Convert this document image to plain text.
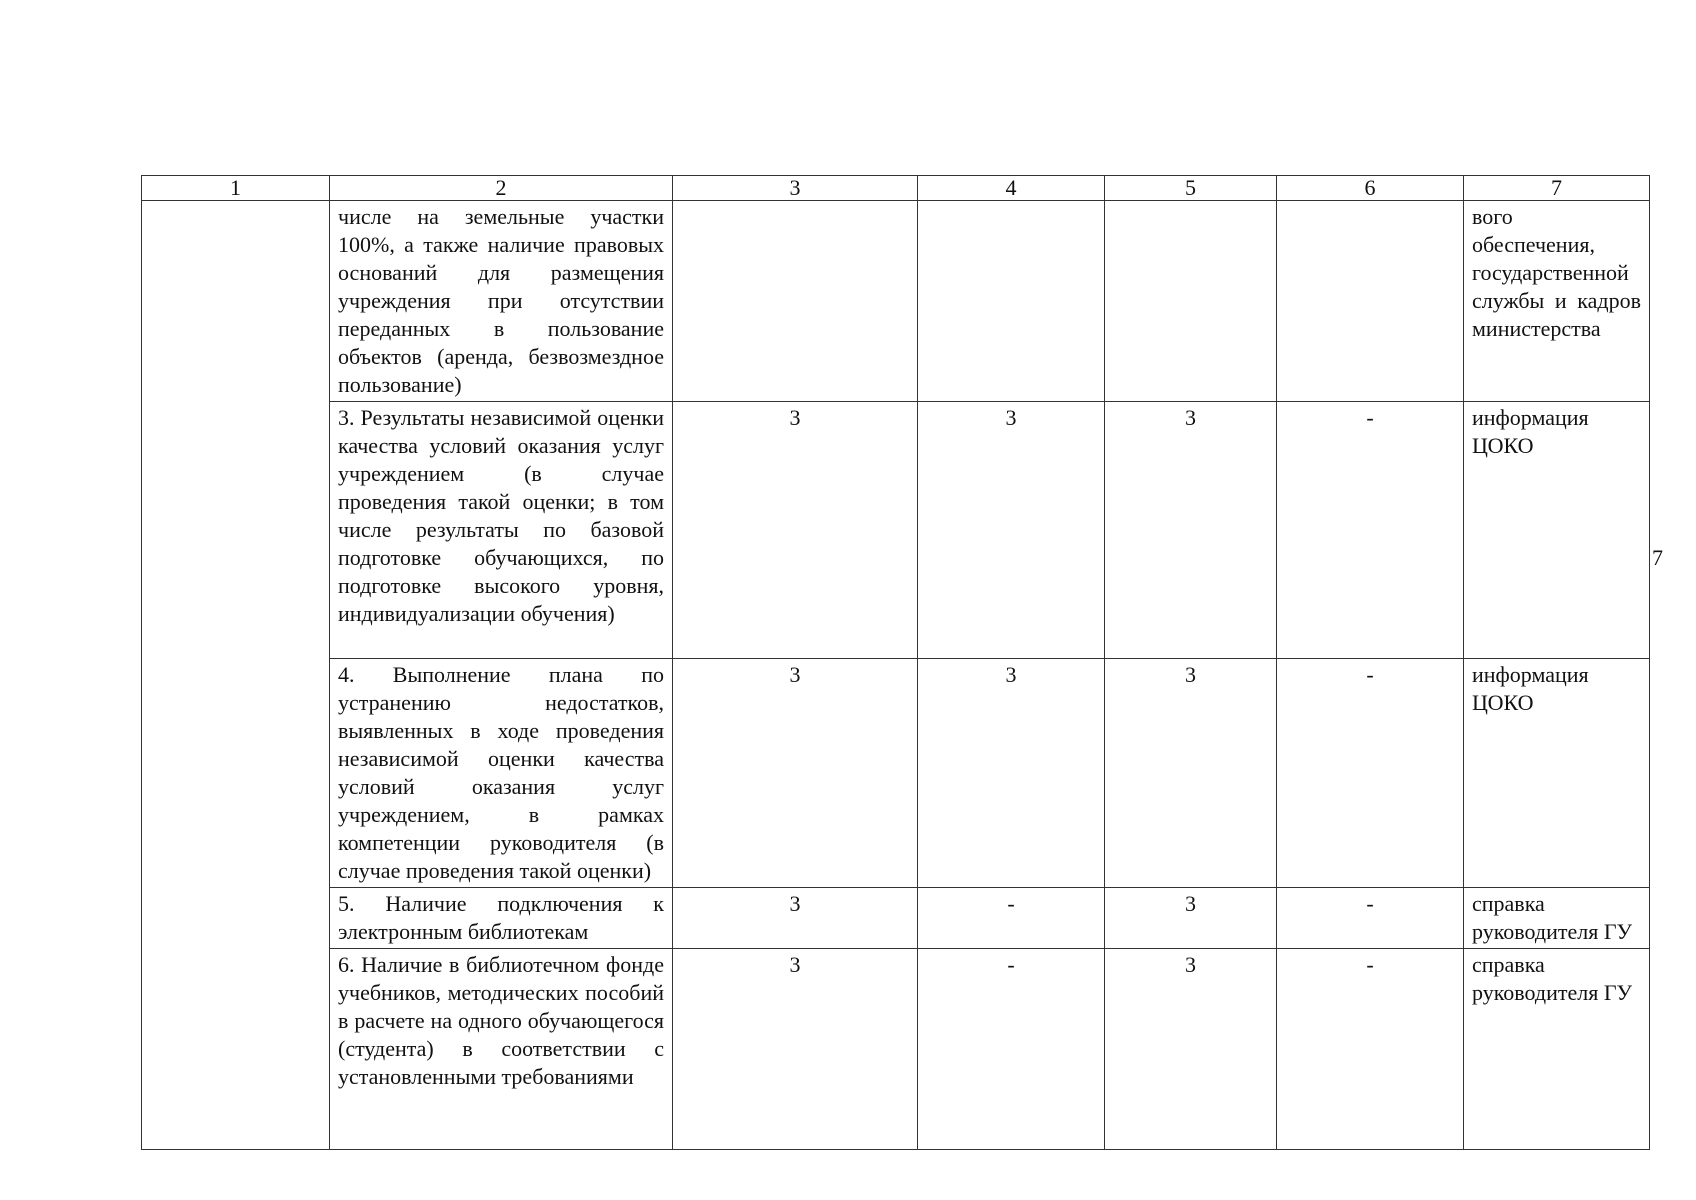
1	2	3	4	5	6	7
	числе на земельные участки 100%, а также наличие правовых оснований для размещения учреждения при отсутствии переданных в пользование объектов (аренда, безвозмездное пользование)					вого обеспечения, государственной службы и кадров министерства
	3. Результаты независимой оценки качества условий оказания услуг учреждением (в случае проведения такой оценки; в том числе результаты по базовой подготовке обучающихся, по подготовке высокого уровня, индивидуализации обучения)	3	3	3	-	информация ЦОКО
	4. Выполнение плана по устранению недостатков, выявленных в ходе проведения независимой оценки качества условий оказания услуг учреждением, в рамках компетенции руководителя (в случае проведения такой оценки)	3	3	3	-	информация ЦОКО
	5. Наличие подключения к электронным библиотекам	3	-	3	-	справка руководителя ГУ
	6. Наличие в библиотечном фонде учебников, методических пособий в расчете на одного обучающегося (студента) в соответствии с установленными требованиями	3	-	3	-	справка руководителя ГУ
7
